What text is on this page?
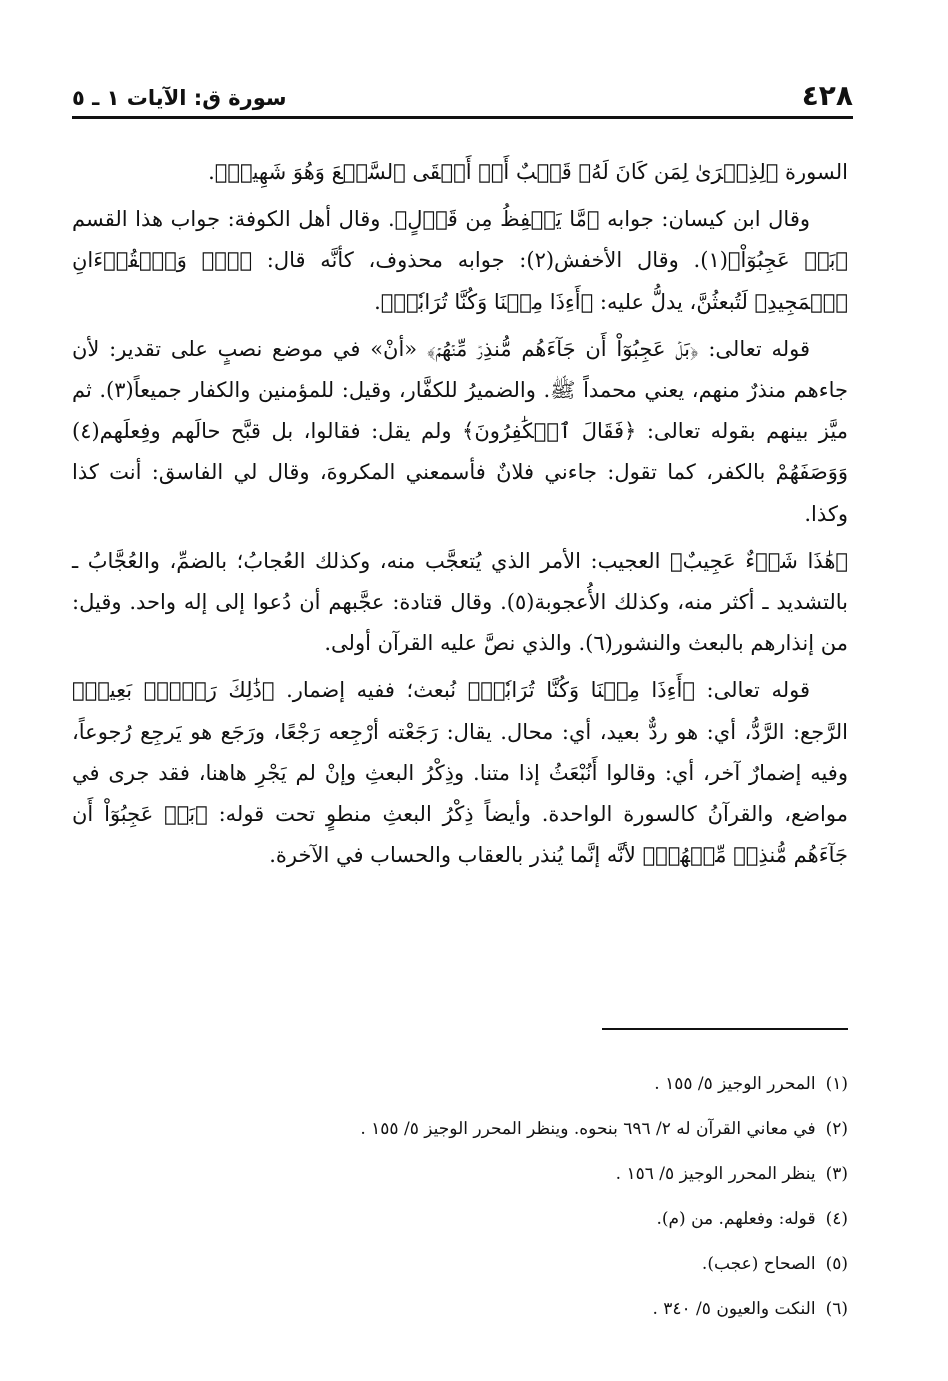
٤٢٨
سورة ق: الآيات ١ ـ ٥

السورة ﴿لِذِكۡرَىٰ لِمَن كَانَ لَهُۥ قَلۡبٌ أَوۡ أَلۡقَى ٱلسَّمۡعَ وَهُوَ شَهِيدٞ﴾.

وقال ابن كيسان: جوابه ﴿مَّا يَلۡفِظُ مِن قَوۡلٍ﴾. وقال أهل الكوفة: جواب هذا القسم ﴿بَلۡ عَجِبُوٓاْ﴾(١). وقال الأخفش(٢): جوابه محذوف، كأنَّه قال: ﴿قٓۚ وَٱلۡقُرۡءَانِ ٱلۡمَجِيدِ﴾ لَتُبعثُنَّ، يدلُّ عليه: ﴿أَءِذَا مِتۡنَا وَكُنَّا تُرَابٗاۖ﴾.

قوله تعالى: ﴿بَلۡ عَجِبُوٓاْ أَن جَآءَهُم مُّنذِرٞ مِّنۡهُمۡ﴾ «أنْ» في موضع نصبٍ على تقدير: لأن جاءهم منذرٌ منهم، يعني محمداً ﷺ. والضميرُ للكفَّار، وقيل: للمؤمنين والكفار جميعاً(٣). ثم ميَّز بينهم بقوله تعالى: ﴿فَقَالَ ٱلۡكَٰفِرُونَ﴾ ولم يقل: فقالوا، بل قبَّح حالَهم وفِعلَهم(٤) وَوَصَفَهُمْ بالكفر، كما تقول: جاءني فلانٌ فأسمعني المكروهَ، وقال لي الفاسق: أنت كذا وكذا.

﴿هَٰذَا شَيۡءٌ عَجِيبٌ﴾ العجيب: الأمر الذي يُتعجَّب منه، وكذلك العُجابُ؛ بالضمِّ، والعُجَّابُ ـ بالتشديد ـ أكثر منه، وكذلك الأُعجوبة(٥). وقال قتادة: عجَّبهم أن دُعوا إلى إله واحد. وقيل: من إنذارهم بالبعث والنشور(٦). والذي نصَّ عليه القرآن أولى.

قوله تعالى: ﴿أَءِذَا مِتۡنَا وَكُنَّا تُرَابٗاۖ﴾ نُبعث؛ ففيه إضمار. ﴿ذَٰلِكَ رَجۡعُۢ بَعِيدٞ﴾ الرَّجع: الرَّدُّ، أي: هو ردٌّ بعيد، أي: محال. يقال: رَجَعْته أرْجِعه رَجْعًا، ورَجَع هو يَرجِع رُجوعاً، وفيه إضمارٌ آخر، أي: وقالوا أَنُبْعَثُ إذا متنا. وذِكْرُ البعثِ وإنْ لم يَجْرِ هاهنا، فقد جرى في مواضع، والقرآنُ كالسورة الواحدة. وأيضاً ذِكْرُ البعثِ منطوٍ تحت قوله: ﴿بَلۡ عَجِبُوٓاْ أَن جَآءَهُم مُّنذِرٞ مِّنۡهُمۡ﴾ لأنَّه إنَّما يُنذر بالعقاب والحساب في الآخرة.

(١)المحرر الوجيز ٥/ ١٥٥ .
(٢)في معاني القرآن له ٢/ ٦٩٦ بنحوه. وينظر المحرر الوجيز ٥/ ١٥٥ .
(٣)ينظر المحرر الوجيز ٥/ ١٥٦ .
(٤)قوله: وفعلهم. من (م).
(٥)الصحاح (عجب).
(٦)النكت والعيون ٥/ ٣٤٠ .
